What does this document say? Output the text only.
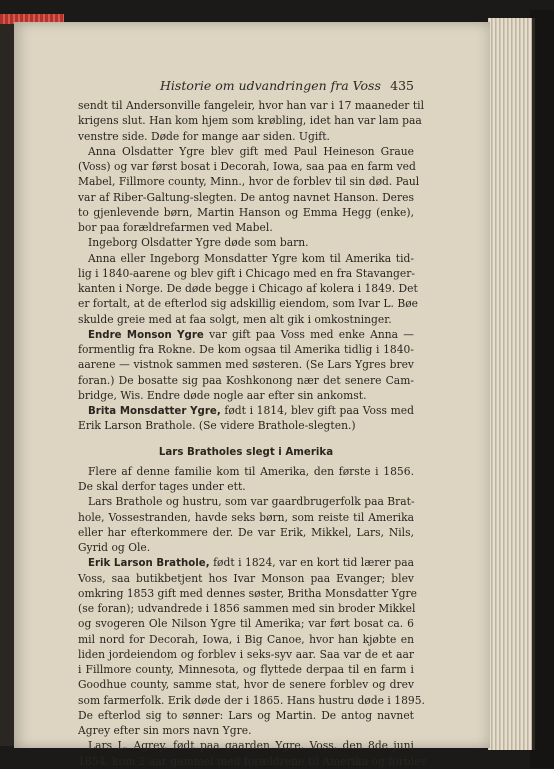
Historie om udvandringen fra Voss 435
sendt til Andersonville fangeleir, hvor han var i 17 maaneder til
krigens slut. Han kom hjem som krøbling, idet han var lam paa
venstre side. Døde for mange aar siden. Ugift.
Anna Olsdatter Ygre blev gift med Paul Heineson Graue
(Voss) og var først bosat i Decorah, Iowa, saa paa en farm ved
Mabel, Fillmore county, Minn., hvor de forblev til sin død. Paul
var af Riber-Galtung-slegten. De antog navnet Hanson. Deres
to gjenlevende børn, Martin Hanson og Emma Hegg (enke),
bor paa forældrefarmen ved Mabel.
Ingeborg Olsdatter Ygre døde som barn.
Anna eller Ingeborg Monsdatter Ygre kom til Amerika tid-
lig i 1840-aarene og blev gift i Chicago med en fra Stavanger-
kanten i Norge. De døde begge i Chicago af kolera i 1849. Det
er fortalt, at de efterlod sig adskillig eiendom, som Ivar L. Bøe
skulde greie med at faa solgt, men alt gik i omkostninger.
Endre Monson Ygre var gift paa Voss med enke Anna —
formentlig fra Rokne. De kom ogsaa til Amerika tidlig i 1840-
aarene — vistnok sammen med søsteren. (Se Lars Ygres brev
foran.) De bosatte sig paa Koshkonong nær det senere Cam-
bridge, Wis. Endre døde nogle aar efter sin ankomst.
Brita Monsdatter Ygre, født i 1814, blev gift paa Voss med
Erik Larson Brathole. (Se videre Brathole-slegten.)
Lars Bratholes slegt i Amerika
Flere af denne familie kom til Amerika, den første i 1856.
De skal derfor tages under ett.
Lars Brathole og hustru, som var gaardbrugerfolk paa Brat-
hole, Vossestranden, havde seks børn, som reiste til Amerika
eller har efterkommere der. De var Erik, Mikkel, Lars, Nils,
Gyrid og Ole.
Erik Larson Brathole, født i 1824, var en kort tid lærer paa
Voss, saa butikbetjent hos Ivar Monson paa Evanger; blev
omkring 1853 gift med dennes søster, Britha Monsdatter Ygre
(se foran); udvandrede i 1856 sammen med sin broder Mikkel
og svogeren Ole Nilson Ygre til Amerika; var ført bosat ca. 6
mil nord for Decorah, Iowa, i Big Canoe, hvor han kjøbte en
liden jordeiendom og forblev i seks-syv aar. Saa var de et aar
i Fillmore county, Minnesota, og flyttede derpaa til en farm i
Goodhue county, samme stat, hvor de senere forblev og drev
som farmerfolk. Erik døde der i 1865. Hans hustru døde i 1895.
De efterlod sig to sønner: Lars og Martin. De antog navnet
Agrey efter sin mors navn Ygre.
Lars L. Agrey, født paa gaarden Ygre, Voss, den 8de juni
1854, kom 2 aar gammel med forældrene til Amerika og forblev
